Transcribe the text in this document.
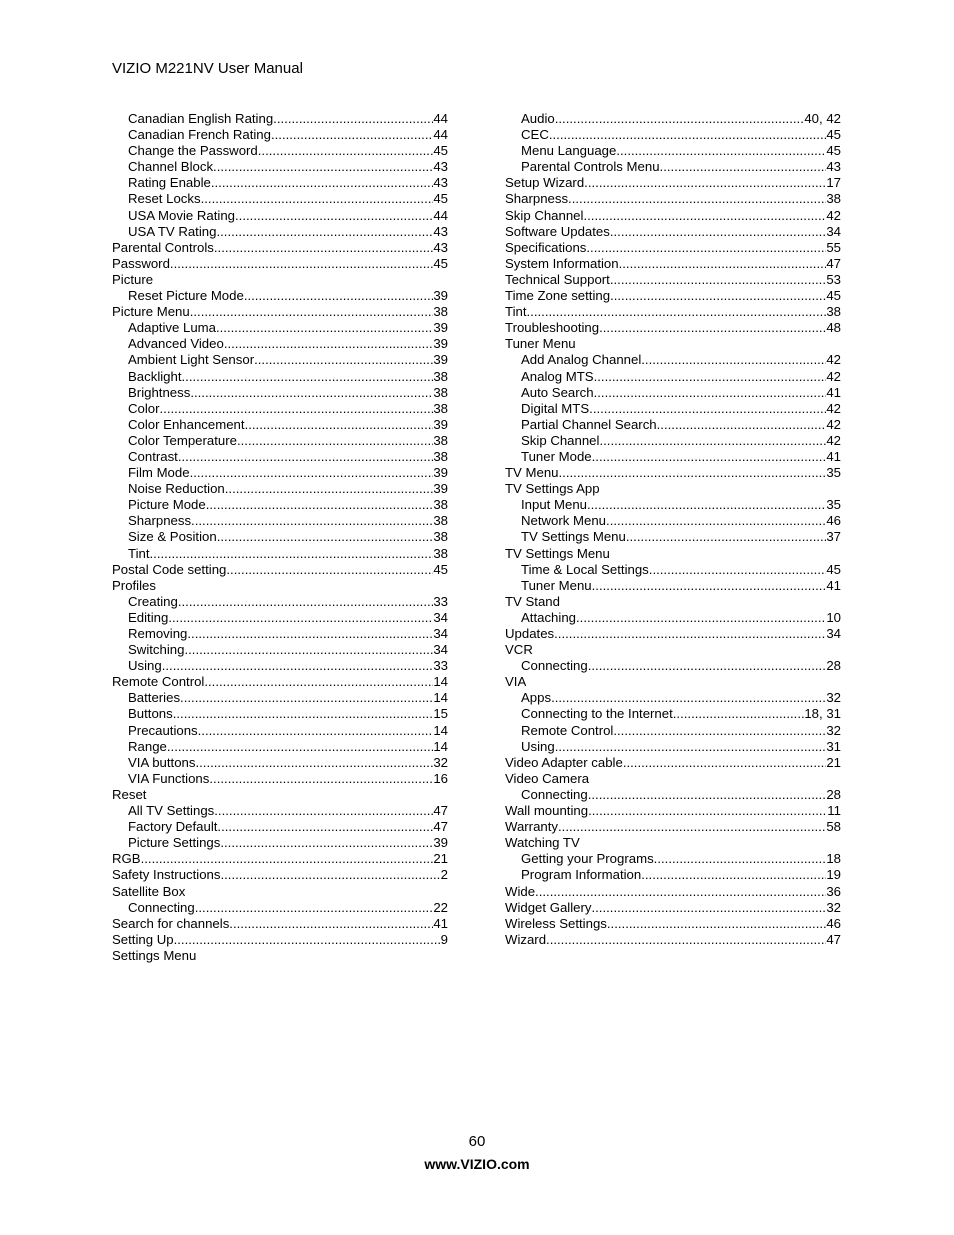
VIZIO M221NV User Manual
Canadian English Rating .....	44
Canadian French Rating .....	44
Change the Password .....	45
Channel Block .....	43
Rating Enable .....	43
Reset Locks .....	45
USA Movie Rating .....	44
USA TV Rating .....	43
Parental Controls .....	43
Password .....	45
Picture
Reset Picture Mode .....	39
Picture Menu .....	38
Adaptive Luma .....	39
Advanced Video .....	39
Ambient Light Sensor .....	39
Backlight .....	38
Brightness .....	38
Color .....	38
Color Enhancement .....	39
Color Temperature .....	38
Contrast .....	38
Film Mode .....	39
Noise Reduction .....	39
Picture Mode .....	38
Sharpness .....	38
Size & Position .....	38
Tint .....	38
Postal Code setting .....	45
Profiles
Creating .....	33
Editing .....	34
Removing .....	34
Switching .....	34
Using .....	33
Remote Control .....	14
Batteries .....	14
Buttons .....	15
Precautions .....	14
Range .....	14
VIA buttons .....	32
VIA Functions .....	16
Reset
All TV Settings .....	47
Factory Default .....	47
Picture Settings .....	39
RGB .....	21
Safety Instructions .....	2
Satellite Box
Connecting .....	22
Search for channels .....	41
Setting Up .....	9
Settings Menu
Audio .....	40, 42
CEC .....	45
Menu Language .....	45
Parental Controls Menu .....	43
Setup Wizard .....	17
Sharpness .....	38
Skip Channel .....	42
Software Updates .....	34
Specifications .....	55
System Information .....	47
Technical Support .....	53
Time Zone setting .....	45
Tint .....	38
Troubleshooting .....	48
Tuner Menu
Add Analog Channel .....	42
Analog MTS .....	42
Auto Search .....	41
Digital MTS .....	42
Partial Channel Search .....	42
Skip Channel .....	42
Tuner Mode .....	41
TV Menu .....	35
TV Settings App
Input Menu .....	35
Network Menu .....	46
TV Settings Menu .....	37
TV Settings Menu
Time & Local Settings .....	45
Tuner Menu .....	41
TV Stand
Attaching .....	10
Updates .....	34
VCR
Connecting .....	28
VIA
Apps .....	32
Connecting to the Internet .....	18, 31
Remote Control .....	32
Using .....	31
Video Adapter cable .....	21
Video Camera
Connecting .....	28
Wall mounting .....	11
Warranty .....	58
Watching TV
Getting your Programs .....	18
Program Information .....	19
Wide .....	36
Widget Gallery .....	32
Wireless Settings .....	46
Wizard .....	47
60
www.VIZIO.com
